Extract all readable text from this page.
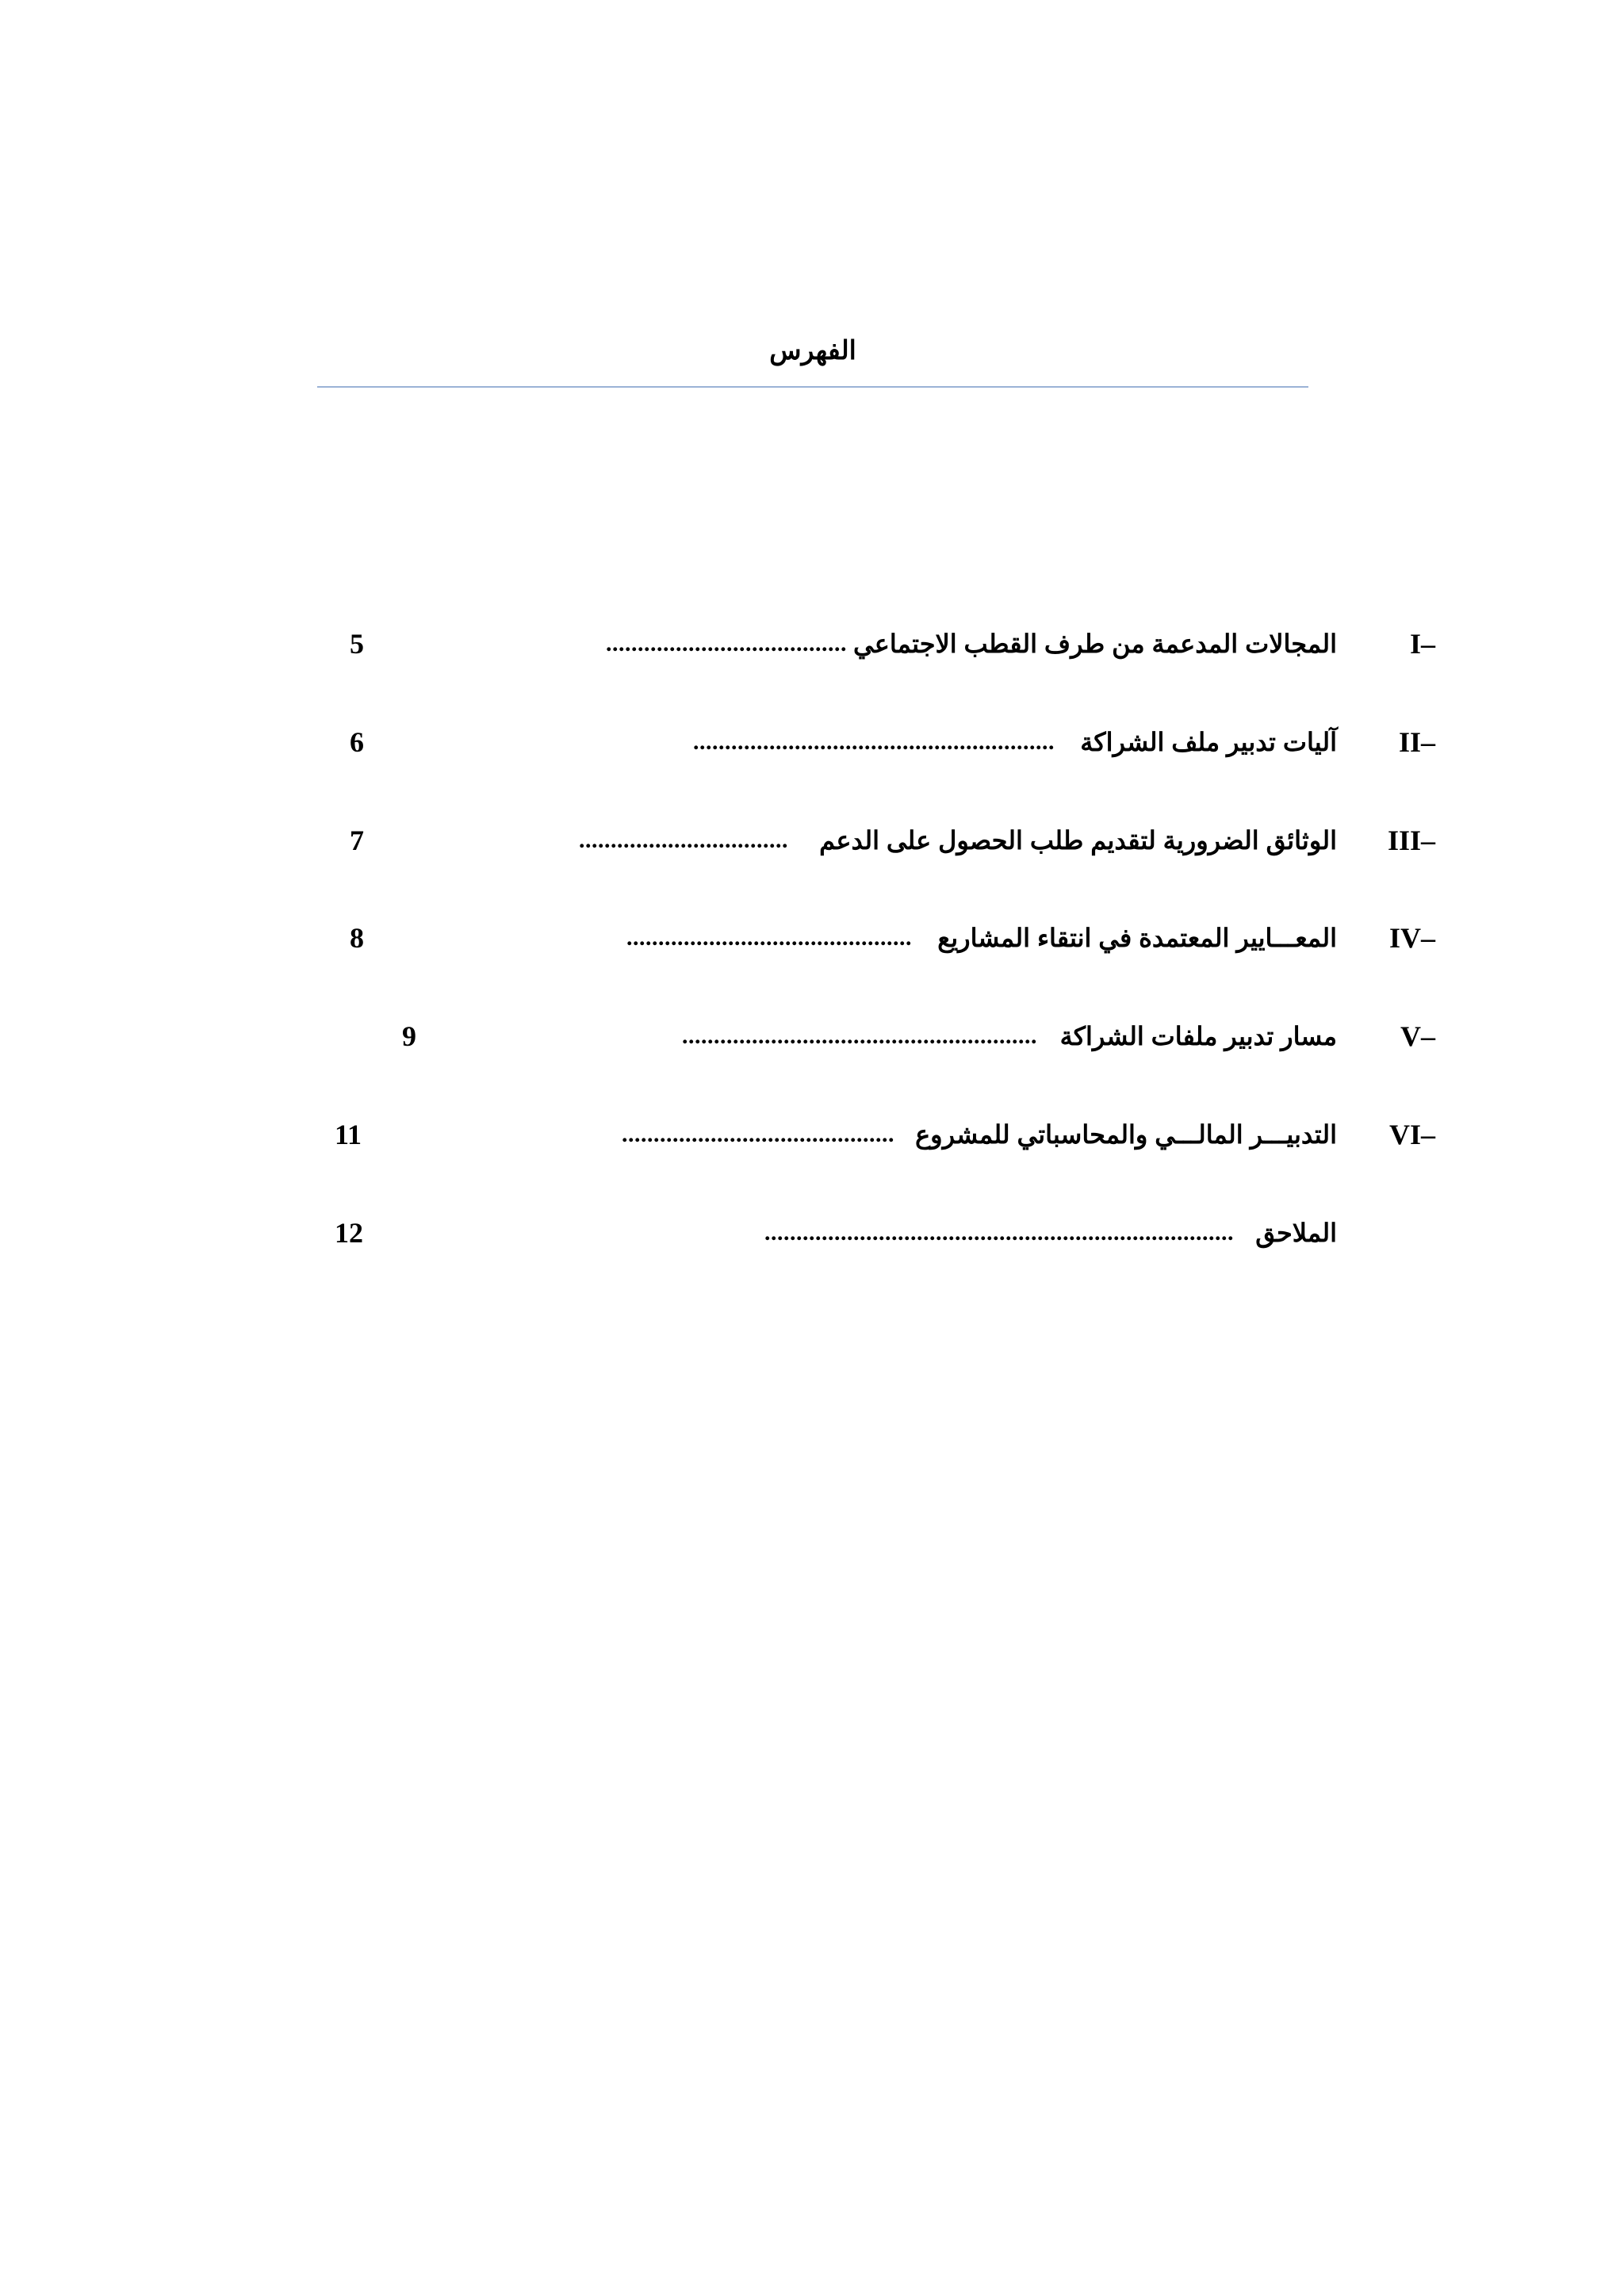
الفهرس
I–
المجالات المدعمة من طرف القطب الاجتماعي
......................................
5
II–
آليات تدبير ملف الشراكة
.........................................................
6
III–
الوثائق الضرورية لتقديم طلب الحصول على الدعم
.................................
7
IV–
المعـــايير المعتمدة في انتقاء المشاريع
.............................................
8
V–
مسار تدبير ملفات الشراكة
........................................................
9
VI–
التدبيـــر المالـــي والمحاسباتي للمشروع
...........................................
11
الملاحق
..........................................................................
12
